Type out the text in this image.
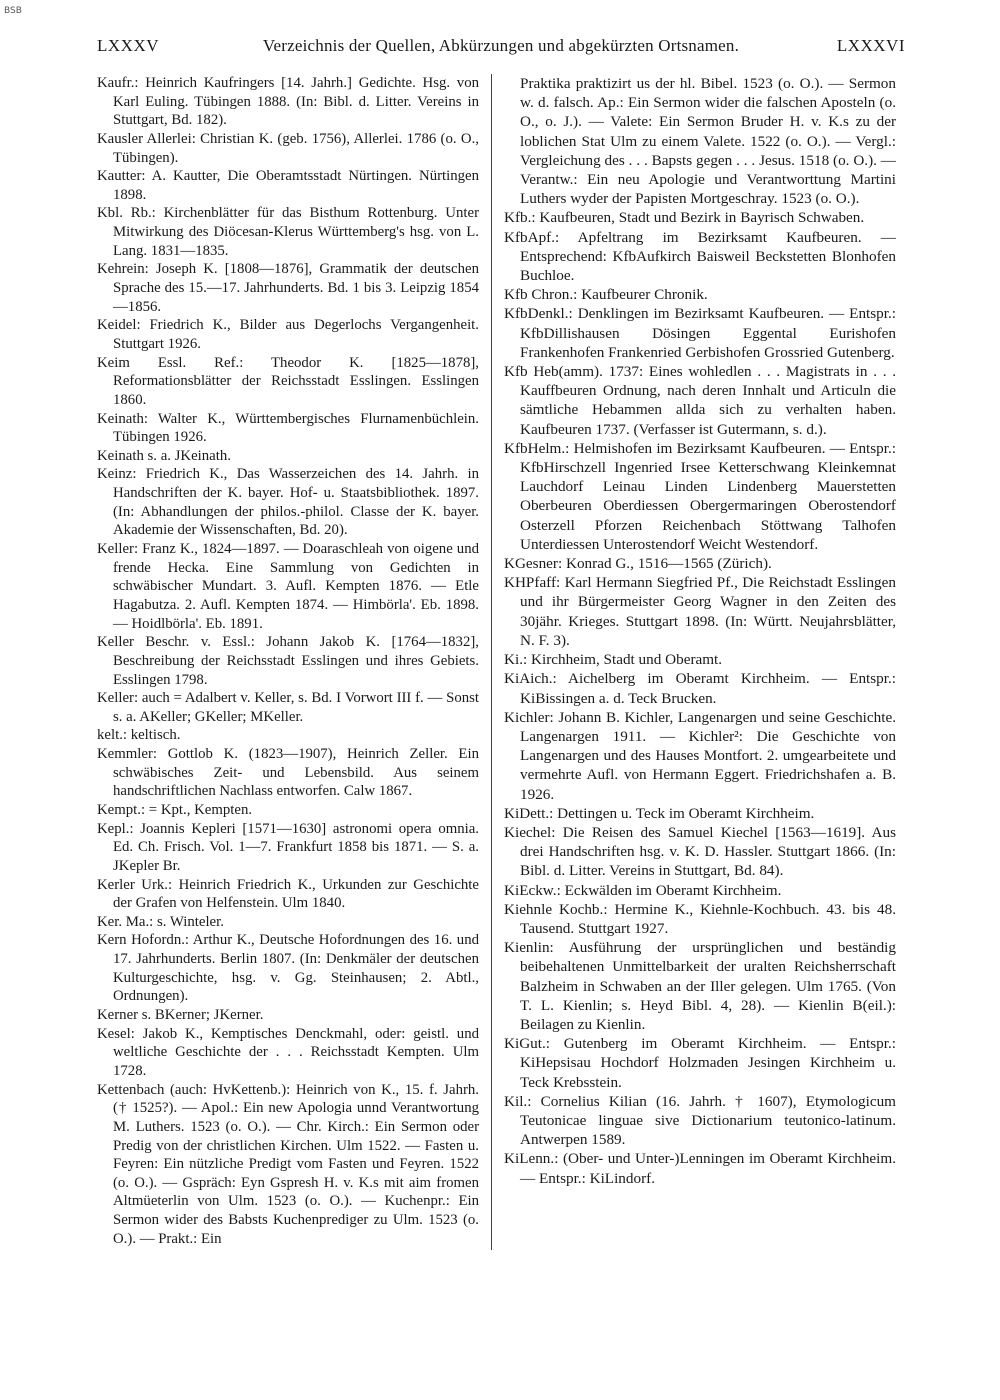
BSB
LXXXV	Verzeichnis der Quellen, Abkürzungen und abgekürzten Ortsnamen.	LXXXVI

Kaufr.: Heinrich Kaufringers [14. Jahrh.] Gedichte. Hsg. von Karl Euling. Tübingen 1888. (In: Bibl. d. Litter. Vereins in Stuttgart, Bd. 182).

Kausler Allerlei: Christian K. (geb. 1756), Allerlei. 1786 (o. O., Tübingen).

Kautter: A. Kautter, Die Oberamtsstadt Nürtingen. Nürtingen 1898.

Kbl. Rb.: Kirchenblätter für das Bisthum Rottenburg. Unter Mitwirkung des Diöcesan-Klerus Württemberg's hsg. von L. Lang. 1831—1835.

Kehrein: Joseph K. [1808—1876], Grammatik der deutschen Sprache des 15.—17. Jahrhunderts. Bd. 1 bis 3. Leipzig 1854—1856.

Keidel: Friedrich K., Bilder aus Degerlochs Vergangenheit. Stuttgart 1926.

Keim Essl. Ref.: Theodor K. [1825—1878], Reformationsblätter der Reichsstadt Esslingen. Esslingen 1860.

Keinath: Walter K., Württembergisches Flurnamenbüchlein. Tübingen 1926.

Keinath s. a. JKeinath.

Keinz: Friedrich K., Das Wasserzeichen des 14. Jahrh. in Handschriften der K. bayer. Hof- u. Staatsbibliothek. 1897. (In: Abhandlungen der philos.-philol. Classe der K. bayer. Akademie der Wissenschaften, Bd. 20).

Keller: Franz K., 1824—1897. — Doaraschleah von oigene und frende Hecka. Eine Sammlung von Gedichten in schwäbischer Mundart. 3. Aufl. Kempten 1876. — Etle Hagabutza. 2. Aufl. Kempten 1874. — Himbörla'. Eb. 1898. — Hoidlbörla'. Eb. 1891.

Keller Beschr. v. Essl.: Johann Jakob K. [1764—1832], Beschreibung der Reichsstadt Esslingen und ihres Gebiets. Esslingen 1798.

Keller: auch = Adalbert v. Keller, s. Bd. I Vorwort III f. — Sonst s. a. AKeller; GKeller; MKeller.

kelt.: keltisch.

Kemmler: Gottlob K. (1823—1907), Heinrich Zeller. Ein schwäbisches Zeit- und Lebensbild. Aus seinem handschriftlichen Nachlass entworfen. Calw 1867.

Kempt.: = Kpt., Kempten.

Kepl.: Joannis Kepleri [1571—1630] astronomi opera omnia. Ed. Ch. Frisch. Vol. 1—7. Frankfurt 1858 bis 1871. — S. a. JKepler Br.

Kerler Urk.: Heinrich Friedrich K., Urkunden zur Geschichte der Grafen von Helfenstein. Ulm 1840.

Ker. Ma.: s. Winteler.

Kern Hofordn.: Arthur K., Deutsche Hofordnungen des 16. und 17. Jahrhunderts. Berlin 1807. (In: Denkmäler der deutschen Kulturgeschichte, hsg. v. Gg. Steinhausen; 2. Abtl., Ordnungen).

Kerner s. BKerner; JKerner.

Kesel: Jakob K., Kemptisches Denckmahl, oder: geistl. und weltliche Geschichte der . . . Reichsstadt Kempten. Ulm 1728.

Kettenbach (auch: HvKettenb.): Heinrich von K., 15. f. Jahrh. († 1525?). — Apol.: Ein new Apologia unnd Verantwortung M. Luthers. 1523 (o. O.). — Chr. Kirch.: Ein Sermon oder Predig von der christlichen Kirchen. Ulm 1522. — Fasten u. Feyren: Ein nützliche Predigt vom Fasten und Feyren. 1522 (o. O.). — Gspräch: Eyn Gspresh H. v. K.s mit aim fromen Altmüeterlin von Ulm. 1523 (o. O.). — Kuchenpr.: Ein Sermon wider des Babsts Kuchenprediger zu Ulm. 1523 (o. O.). — Prakt.: Ein

Praktika praktizirt us der hl. Bibel. 1523 (o. O.). — Sermon w. d. falsch. Ap.: Ein Sermon wider die falschen Aposteln (o. O., o. J.). — Valete: Ein Sermon Bruder H. v. K.s zu der loblichen Stat Ulm zu einem Valete. 1522 (o. O.). — Vergl.: Vergleichung des . . . Bapsts gegen . . . Jesus. 1518 (o. O.). — Verantw.: Ein neu Apologie und Verantworttung Martini Luthers wyder der Papisten Mortgeschray. 1523 (o. O.).

Kfb.: Kaufbeuren, Stadt und Bezirk in Bayrisch Schwaben.

KfbApf.: Apfeltrang im Bezirksamt Kaufbeuren. — Entsprechend: KfbAufkirch Baisweil Beckstetten Blonhofen Buchloe.

Kfb Chron.: Kaufbeurer Chronik.

KfbDenkl.: Denklingen im Bezirksamt Kaufbeuren. — Entspr.: KfbDillishausen Dösingen Eggental Eurishofen Frankenhofen Frankenried Gerbishofen Grossried Gutenberg.

Kfb Heb(amm). 1737: Eines wohledlen . . . Magistrats in . . . Kauffbeuren Ordnung, nach deren Innhalt und Articuln die sämtliche Hebammen allda sich zu verhalten haben. Kaufbeuren 1737. (Verfasser ist Gutermann, s. d.).

KfbHelm.: Helmishofen im Bezirksamt Kaufbeuren. — Entspr.: KfbHirschzell Ingenried Irsee Ketterschwang Kleinkemnat Lauchdorf Leinau Linden Lindenberg Mauerstetten Oberbeuren Oberdiessen Obergermaringen Oberostendorf Osterzell Pforzen Reichenbach Stöttwang Talhofen Unterdiessen Unterostendorf Weicht Westendorf.

KGesner: Konrad G., 1516—1565 (Zürich).

KHPfaff: Karl Hermann Siegfried Pf., Die Reichstadt Esslingen und ihr Bürgermeister Georg Wagner in den Zeiten des 30jähr. Krieges. Stuttgart 1898. (In: Württ. Neujahrsblätter, N. F. 3).

Ki.: Kirchheim, Stadt und Oberamt.

KiAich.: Aichelberg im Oberamt Kirchheim. — Entspr.: KiBissingen a. d. Teck Brucken.

Kichler: Johann B. Kichler, Langenargen und seine Geschichte. Langenargen 1911. — Kichler²: Die Geschichte von Langenargen und des Hauses Montfort. 2. umgearbeitete und vermehrte Aufl. von Hermann Eggert. Friedrichshafen a. B. 1926.

KiDett.: Dettingen u. Teck im Oberamt Kirchheim.

Kiechel: Die Reisen des Samuel Kiechel [1563—1619]. Aus drei Handschriften hsg. v. K. D. Hassler. Stuttgart 1866. (In: Bibl. d. Litter. Vereins in Stuttgart, Bd. 84).

KiEckw.: Eckwälden im Oberamt Kirchheim.

Kiehnle Kochb.: Hermine K., Kiehnle-Kochbuch. 43. bis 48. Tausend. Stuttgart 1927.

Kienlin: Ausführung der ursprünglichen und beständig beibehaltenen Unmittelbarkeit der uralten Reichsherrschaft Balzheim in Schwaben an der Iller gelegen. Ulm 1765. (Von T. L. Kienlin; s. Heyd Bibl. 4, 28). — Kienlin B(eil.): Beilagen zu Kienlin.

KiGut.: Gutenberg im Oberamt Kirchheim. — Entspr.: KiHepsisau Hochdorf Holzmaden Jesingen Kirchheim u. Teck Krebsstein.

Kil.: Cornelius Kilian (16. Jahrh. † 1607), Etymologicum Teutonicae linguae sive Dictionarium teutonico-latinum. Antwerpen 1589.

KiLenn.: (Ober- und Unter-)Lenningen im Oberamt Kirchheim. — Entspr.: KiLindorf.
